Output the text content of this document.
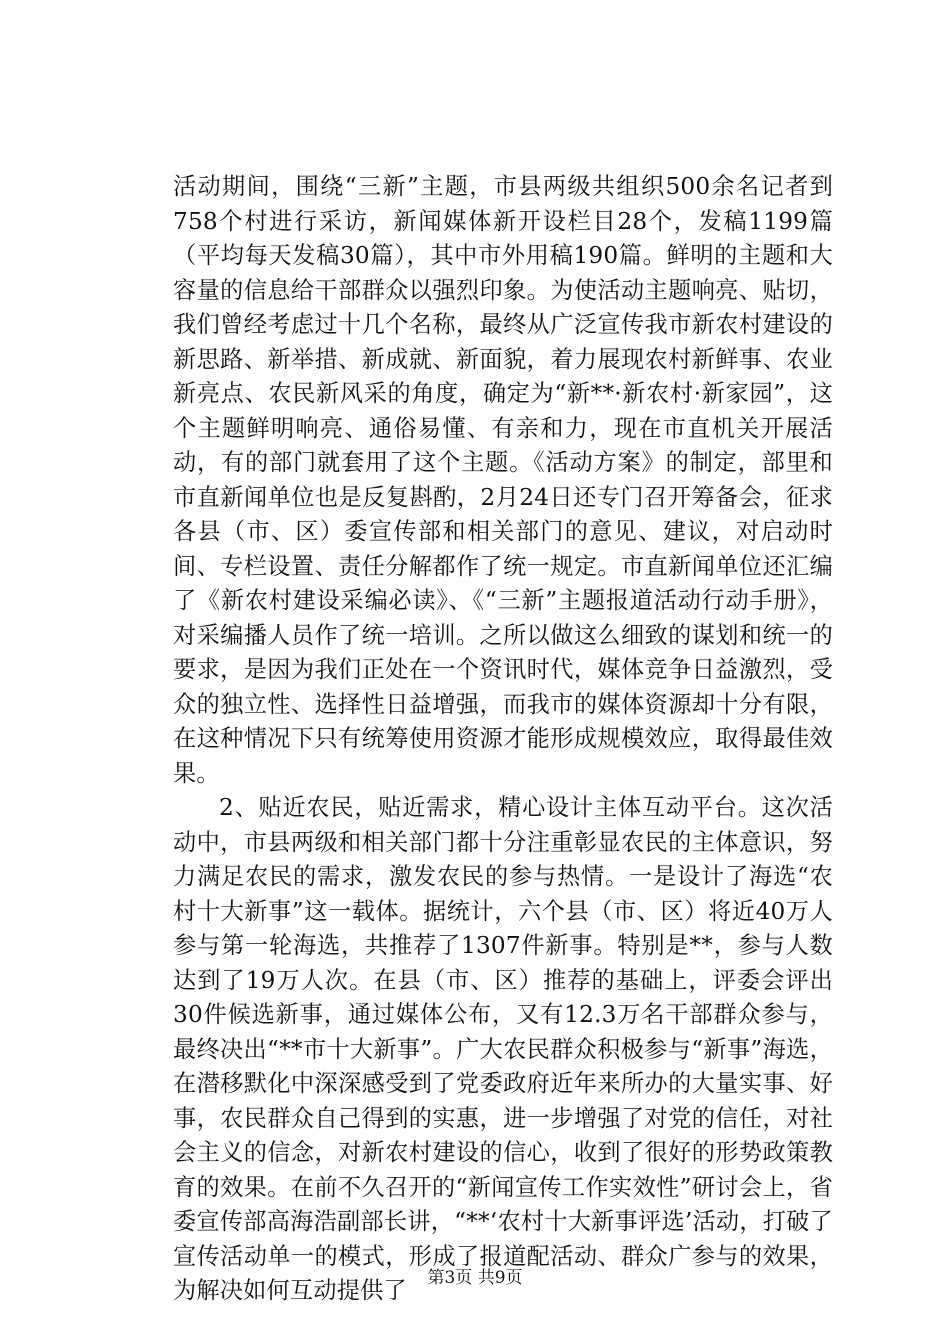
活动期间，围绕“三新”主题，市县两级共组织500余名记者到758个村进行采访，新闻媒体新开设栏目28个，发稿1199篇（平均每天发稿30篇），其中市外用稿190篇。鲜明的主题和大容量的信息给干部群众以强烈印象。为使活动主题响亮、贴切，我们曾经考虑过十几个名称，最终从广泛宣传我市新农村建设的新思路、新举措、新成就、新面貌，着力展现农村新鲜事、农业新亮点、农民新风采的角度，确定为“新**·新农村·新家园”，这个主题鲜明响亮、通俗易懂、有亲和力，现在市直机关开展活动，有的部门就套用了这个主题。《活动方案》的制定，部里和市直新闻单位也是反复斟酌，2月24日还专门召开筹备会，征求各县（市、区）委宣传部和相关部门的意见、建议，对启动时间、专栏设置、责任分解都作了统一规定。市直新闻单位还汇编了《新农村建设采编必读》、《“三新”主题报道活动行动手册》，对采编播人员作了统一培训。之所以做这么细致的谋划和统一的要求，是因为我们正处在一个资讯时代，媒体竞争日益激烈，受众的独立性、选择性日益增强，而我市的媒体资源却十分有限，在这种情况下只有统筹使用资源才能形成规模效应，取得最佳效果。

2、贴近农民，贴近需求，精心设计主体互动平台。这次活动中，市县两级和相关部门都十分注重彰显农民的主体意识，努力满足农民的需求，激发农民的参与热情。一是设计了海选“农村十大新事”这一载体。据统计，六个县（市、区）将近40万人参与第一轮海选，共推荐了1307件新事。特别是**，参与人数达到了19万人次。在县（市、区）推荐的基础上，评委会评出30件候选新事，通过媒体公布，又有12.3万名干部群众参与，最终决出“**市十大新事”。广大农民群众积极参与“新事”海选，在潜移默化中深深感受到了党委政府近年来所办的大量实事、好事，农民群众自己得到的实惠，进一步增强了对党的信任，对社会主义的信念，对新农村建设的信心，收到了很好的形势政策教育的效果。在前不久召开的“新闻宣传工作实效性”研讨会上，省委宣传部高海浩副部长讲，“**‘农村十大新事评选’活动，打破了宣传活动单一的模式，形成了报道配活动、群众广参与的效果，为解决如何互动提供了	第3页 共9页
